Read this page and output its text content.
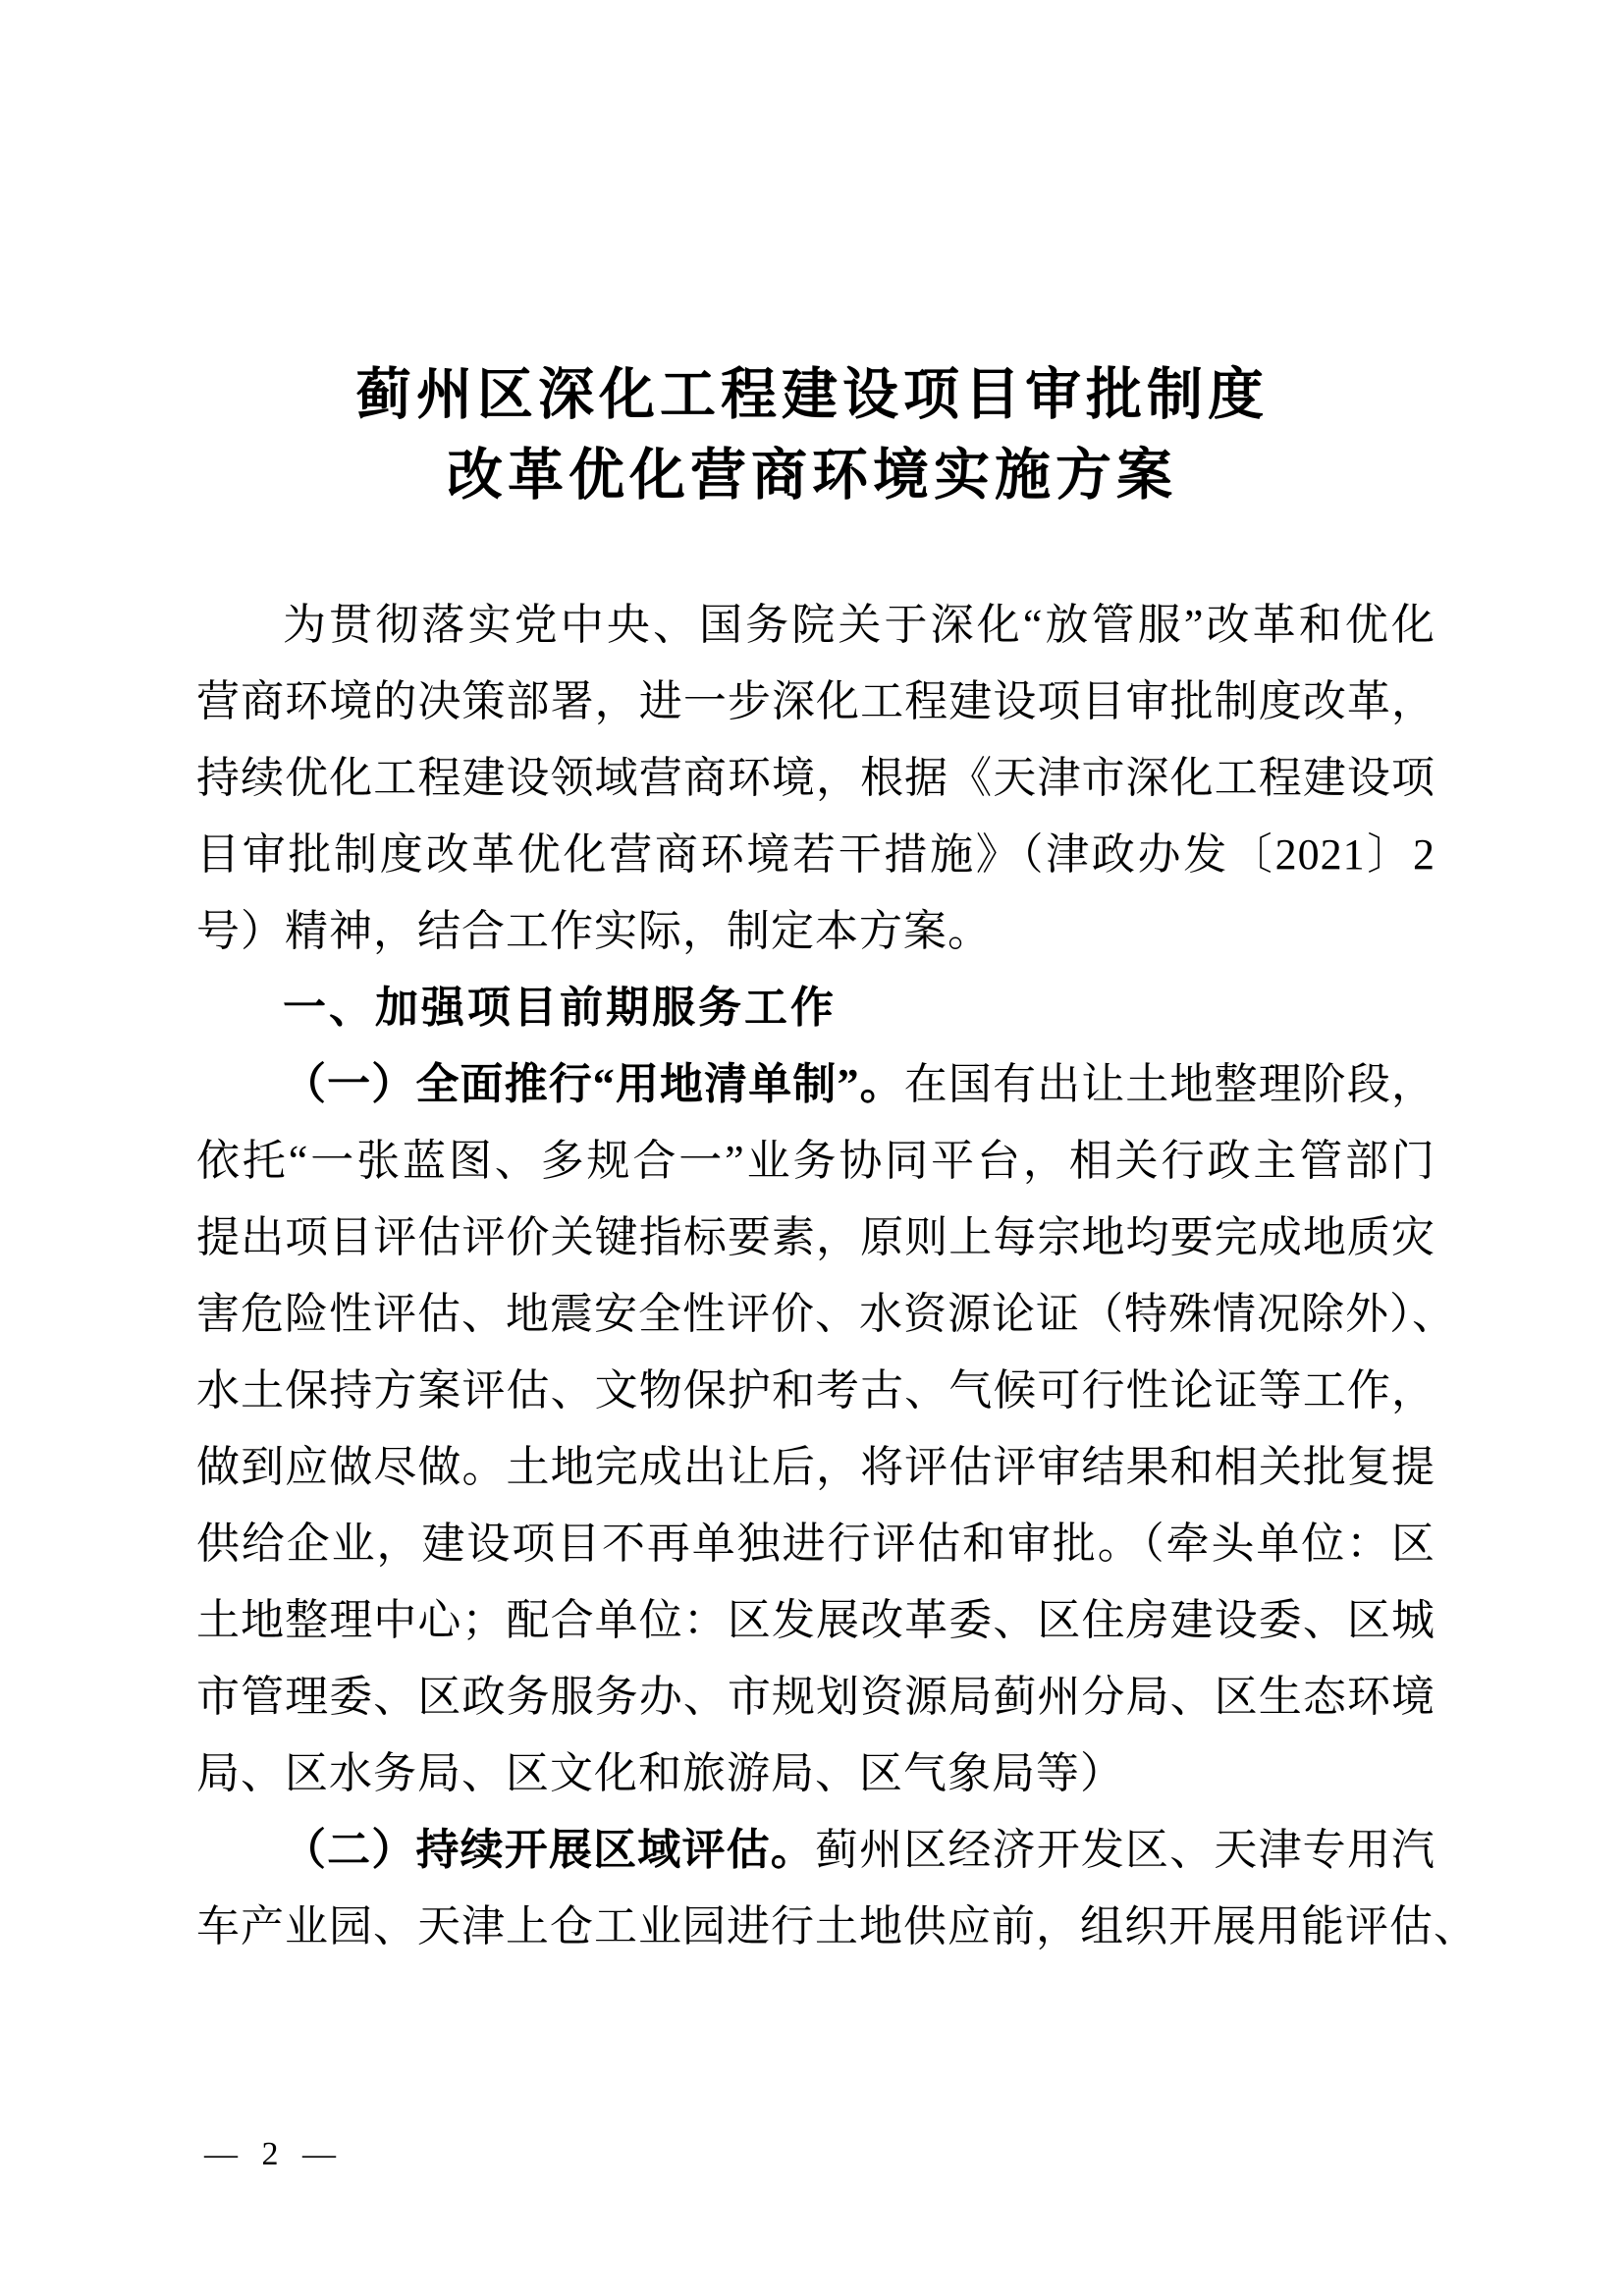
蓟州区深化工程建设项目审批制度
改革优化营商环境实施方案
为贯彻落实党中央、国务院关于深化“放管服”改革和优化
营商环境的决策部署，进一步深化工程建设项目审批制度改革，
持续优化工程建设领域营商环境，根据《天津市深化工程建设项
目审批制度改革优化营商环境若干措施》（津政办发〔2021〕2
号）精神，结合工作实际，制定本方案。
一、加强项目前期服务工作
（一）全面推行“用地清单制”。在国有出让土地整理阶段，
依托“一张蓝图、多规合一”业务协同平台，相关行政主管部门
提出项目评估评价关键指标要素，原则上每宗地均要完成地质灾
害危险性评估、地震安全性评价、水资源论证（特殊情况除外）、
水土保持方案评估、文物保护和考古、气候可行性论证等工作，
做到应做尽做。土地完成出让后，将评估评审结果和相关批复提
供给企业，建设项目不再单独进行评估和审批。（牵头单位：区
土地整理中心；配合单位：区发展改革委、区住房建设委、区城
市管理委、区政务服务办、市规划资源局蓟州分局、区生态环境
局、区水务局、区文化和旅游局、区气象局等）
（二）持续开展区域评估。蓟州区经济开发区、天津专用汽
车产业园、天津上仓工业园进行土地供应前，组织开展用能评估、
— 2 —
